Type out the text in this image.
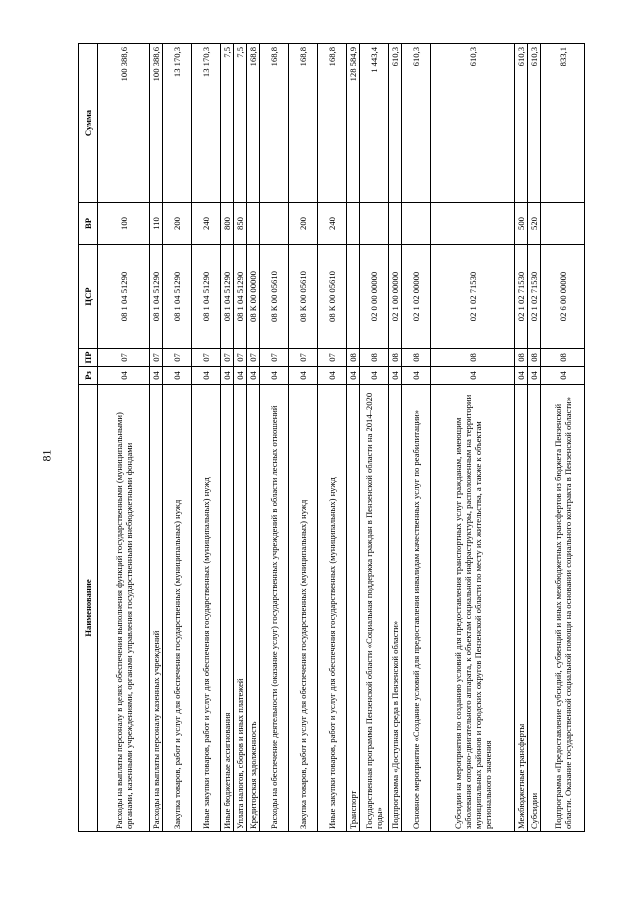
81
Наименование	Рз	ПР	ЦСР	ВР	Сумма
Расходы на выплаты персоналу в целях обеспечения выполнения функций государственными (муниципальными) органами, казенными учреждениями, органами управления государственными внебюджетными фондами	04	07	08 1 04 51290	100	100 388,6
Расходы на выплаты персоналу казенных учреждений	04	07	08 1 04 51290	110	100 388,6
Закупка товаров, работ и услуг для обеспечения государственных (муниципальных) нужд	04	07	08 1 04 51290	200	13 170,3
Иные закупки товаров, работ и услуг для обеспечения государственных (муниципальных) нужд	04	07	08 1 04 51290	240	13 170,3
Иные бюджетные ассигнования	04	07	08 1 04 51290	800	7,5
Уплата налогов, сборов и иных платежей	04	07	08 1 04 51290	850	7,5
Кредиторская задолженность	04	07	08 К 00 00000		168,8
Расходы на обеспечение деятельности (оказание услуг) государственных учреждений в области лесных отношений	04	07	08 К 00 05610		168,8
Закупка товаров, работ и услуг для обеспечения государственных (муниципальных) нужд	04	07	08 К 00 05610	200	168,8
Иные закупки товаров, работ и услуг для обеспечения государственных (муниципальных) нужд	04	07	08 К 00 05610	240	168,8
Транспорт	04	08			128 584,9
Государственная программа Пензенской области «Социальная поддержка граждан в Пензенской области на 2014–2020 годы»	04	08	02 0 00 00000		1 443,4
Подпрограмма «Доступная среда в Пензенской области»	04	08	02 1 00 00000		610,3
Основное мероприятие «Создание условий для предоставления инвалидам качественных услуг по реабилитации»	04	08	02 1 02 00000		610,3
Субсидии на мероприятия по созданию условий для предоставления транспортных услуг гражданам, имеющим заболевания опорно-двигательного аппарата, к объектам социальной инфраструктуры, расположенным на территории муниципальных районов и городских округов Пензенской области по месту их жительства, а также к объектам регионального значения	04	08	02 1 02 71530		610,3
Межбюджетные трансферты	04	08	02 1 02 71530	500	610,3
Субсидии	04	08	02 1 02 71530	520	610,3
Подпрограмма «Предоставление субсидий, субвенций и иных межбюджетных трансфертов из бюджета Пензенской области. Оказание государственной социальной помощи на основании социального контракта в Пензенской области»	04	08	02 6 00 00000		833,1
